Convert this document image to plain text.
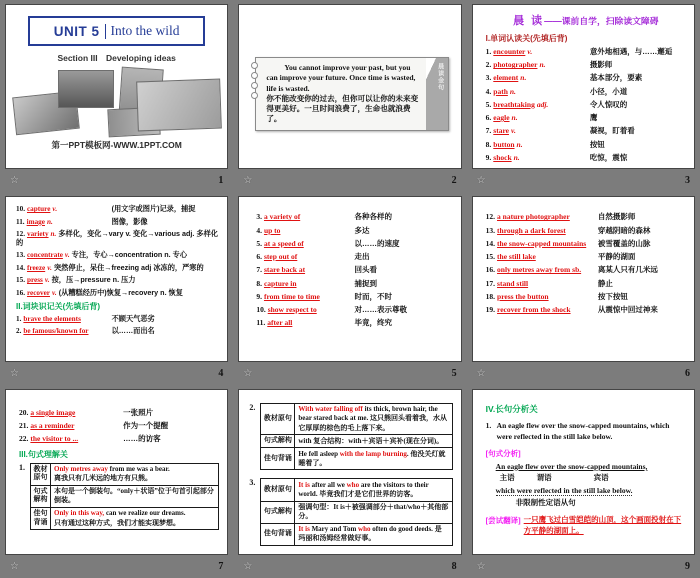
UNIT 5 Into the wild
Section III Developing ideas
第一PPT模板网-WWW.1PPT.COM
☆	1
晨读金句
You cannot improve your past, but you can improve your future. Once time is wasted, life is wasted.
你不能改变你的过去，但你可以让你的未来变得更美好。一旦时间浪费了，生命也就浪费了。
☆	2
晨 读——课前自学，扫除读文障碍
I.单词认读关(先填后背)
1. encounter v.	意外地相遇，与……邂逅
2. photographer n.	摄影师
3. element n.	基本部分，要素
4. path n.	小径，小道
5. breathtaking adj.	令人惊叹的
6. eagle n.	鹰
7. stare v.	凝视，盯着看
8. button n.	按钮
9. shock n.	吃惊，震惊
☆	3
10. capture v.	(用文字或图片)记录，捕捉
11. image n.	图像，影像
12. variety n. 多样化，变化→vary v. 变化→various adj. 多样化的
13. concentrate v. 专注，专心→concentration n. 专心
14. freeze v. 突然停止，呆住→freezing adj 冰冻的，严寒的
15. press v. 按，压→pressure n. 压力
16. recover v. (从糟糕经历中)恢复→recovery n. 恢复
II.词块识记关(先填后背)
1. brave the elements	不顾天气恶劣
2. be famous/known for	以……而出名
☆	4
3. a variety of	各种各样的
4. up to	多达
5. at a speed of	以……的速度
6. step out of	走出
7. stare back at	回头看
8. capture in	捕捉到
9. from time to time	时而，不时
10. show respect to	对……表示尊敬
11. after all	毕竟，终究
☆	5
12. a nature photographer	自然摄影师
13. through a dark forest	穿越阴暗的森林
14. the snow-capped mountains	被雪覆盖的山脉
15. the still lake	平静的湖面
16. only metres away from sb.	离某人只有几米远
17. stand still	静止
18. press the button	按下按钮
19. recover from the shock	从震惊中回过神来
☆	6
20. a single image	一张照片
21. as a reminder	作为一个提醒
22. the visitor to ...	……的访客
III.句式理解关
1.	教材原句
Only metres away from me was a bear.
离我只有几米远的地方有只熊。
句式解构
本句是一个倒装句。“only＋状语”位于句首引起部分倒装。
佳句背诵
Only in this way, can we realize our dreams.
只有通过这种方式，我们才能实现梦想。
☆	7
2.
教材原句
With water falling off its thick, brown hair, the bear stared back at me. 这只熊回头看着我，水从它厚厚的棕色的毛上落下来。
句式解构 with 复合结构：with＋宾语＋宾补(现在分词)。
佳句背诵
He fell asleep with the lamp burning. 他没关灯就睡着了。
3.
教材原句
It is after all we who are the visitors to their world. 毕竟我们才是它们世界的访客。
句式解构
强调句型：It is＋被强调部分＋that/who＋其他部分。
佳句背诵
It is Mary and Tom who often do good deeds. 是玛丽和汤姆经常做好事。
☆	8
IV.长句分析关
1. An eagle flew over the snow-capped mountains, which were reflected in the still lake below.
[句式分析]
An eagle flew over the snow-capped mountains,
主语	谓语	宾语
which were reflected in the still lake below.
非限制性定语从句
[尝试翻译] 一只鹰飞过白雪皑皑的山顶，这个画面投射在下方平静的湖面上。
☆	9
